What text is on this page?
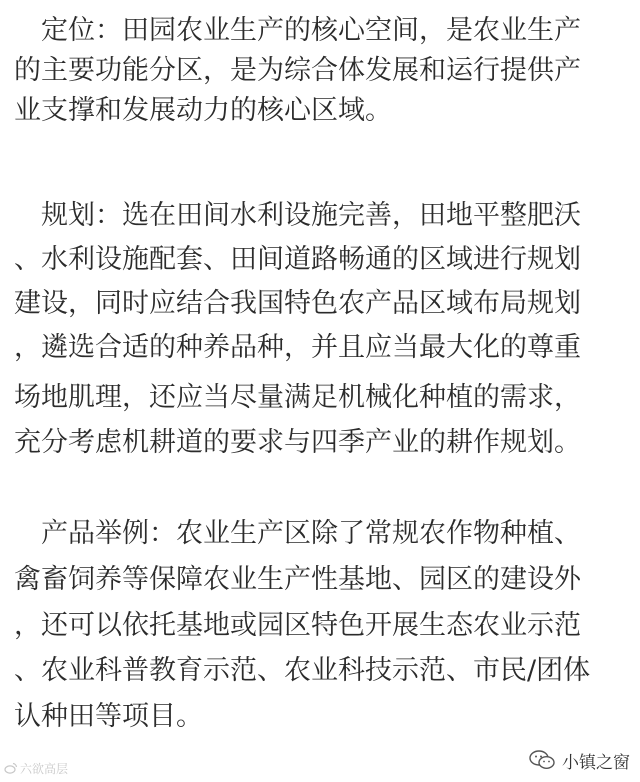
　定位：田园农业生产的核心空间，是农业生产
的主要功能分区，是为综合体发展和运行提供产
业支撑和发展动力的核心区域。
　规划：选在田间水利设施完善，田地平整肥沃
、水利设施配套、田间道路畅通的区域进行规划
建设，同时应结合我国特色农产品区域布局规划
，遴选合适的种养品种，并且应当最大化的尊重
场地肌理，还应当尽量满足机械化种植的需求，
充分考虑机耕道的要求与四季产业的耕作规划。
　产品举例：农业生产区除了常规农作物种植、
禽畜饲养等保障农业生产性基地、园区的建设外
，还可以依托基地或园区特色开展生态农业示范
、农业科普教育示范、农业科技示范、市民/团体
认种田等项目。
六欲高层	小镇之窗
